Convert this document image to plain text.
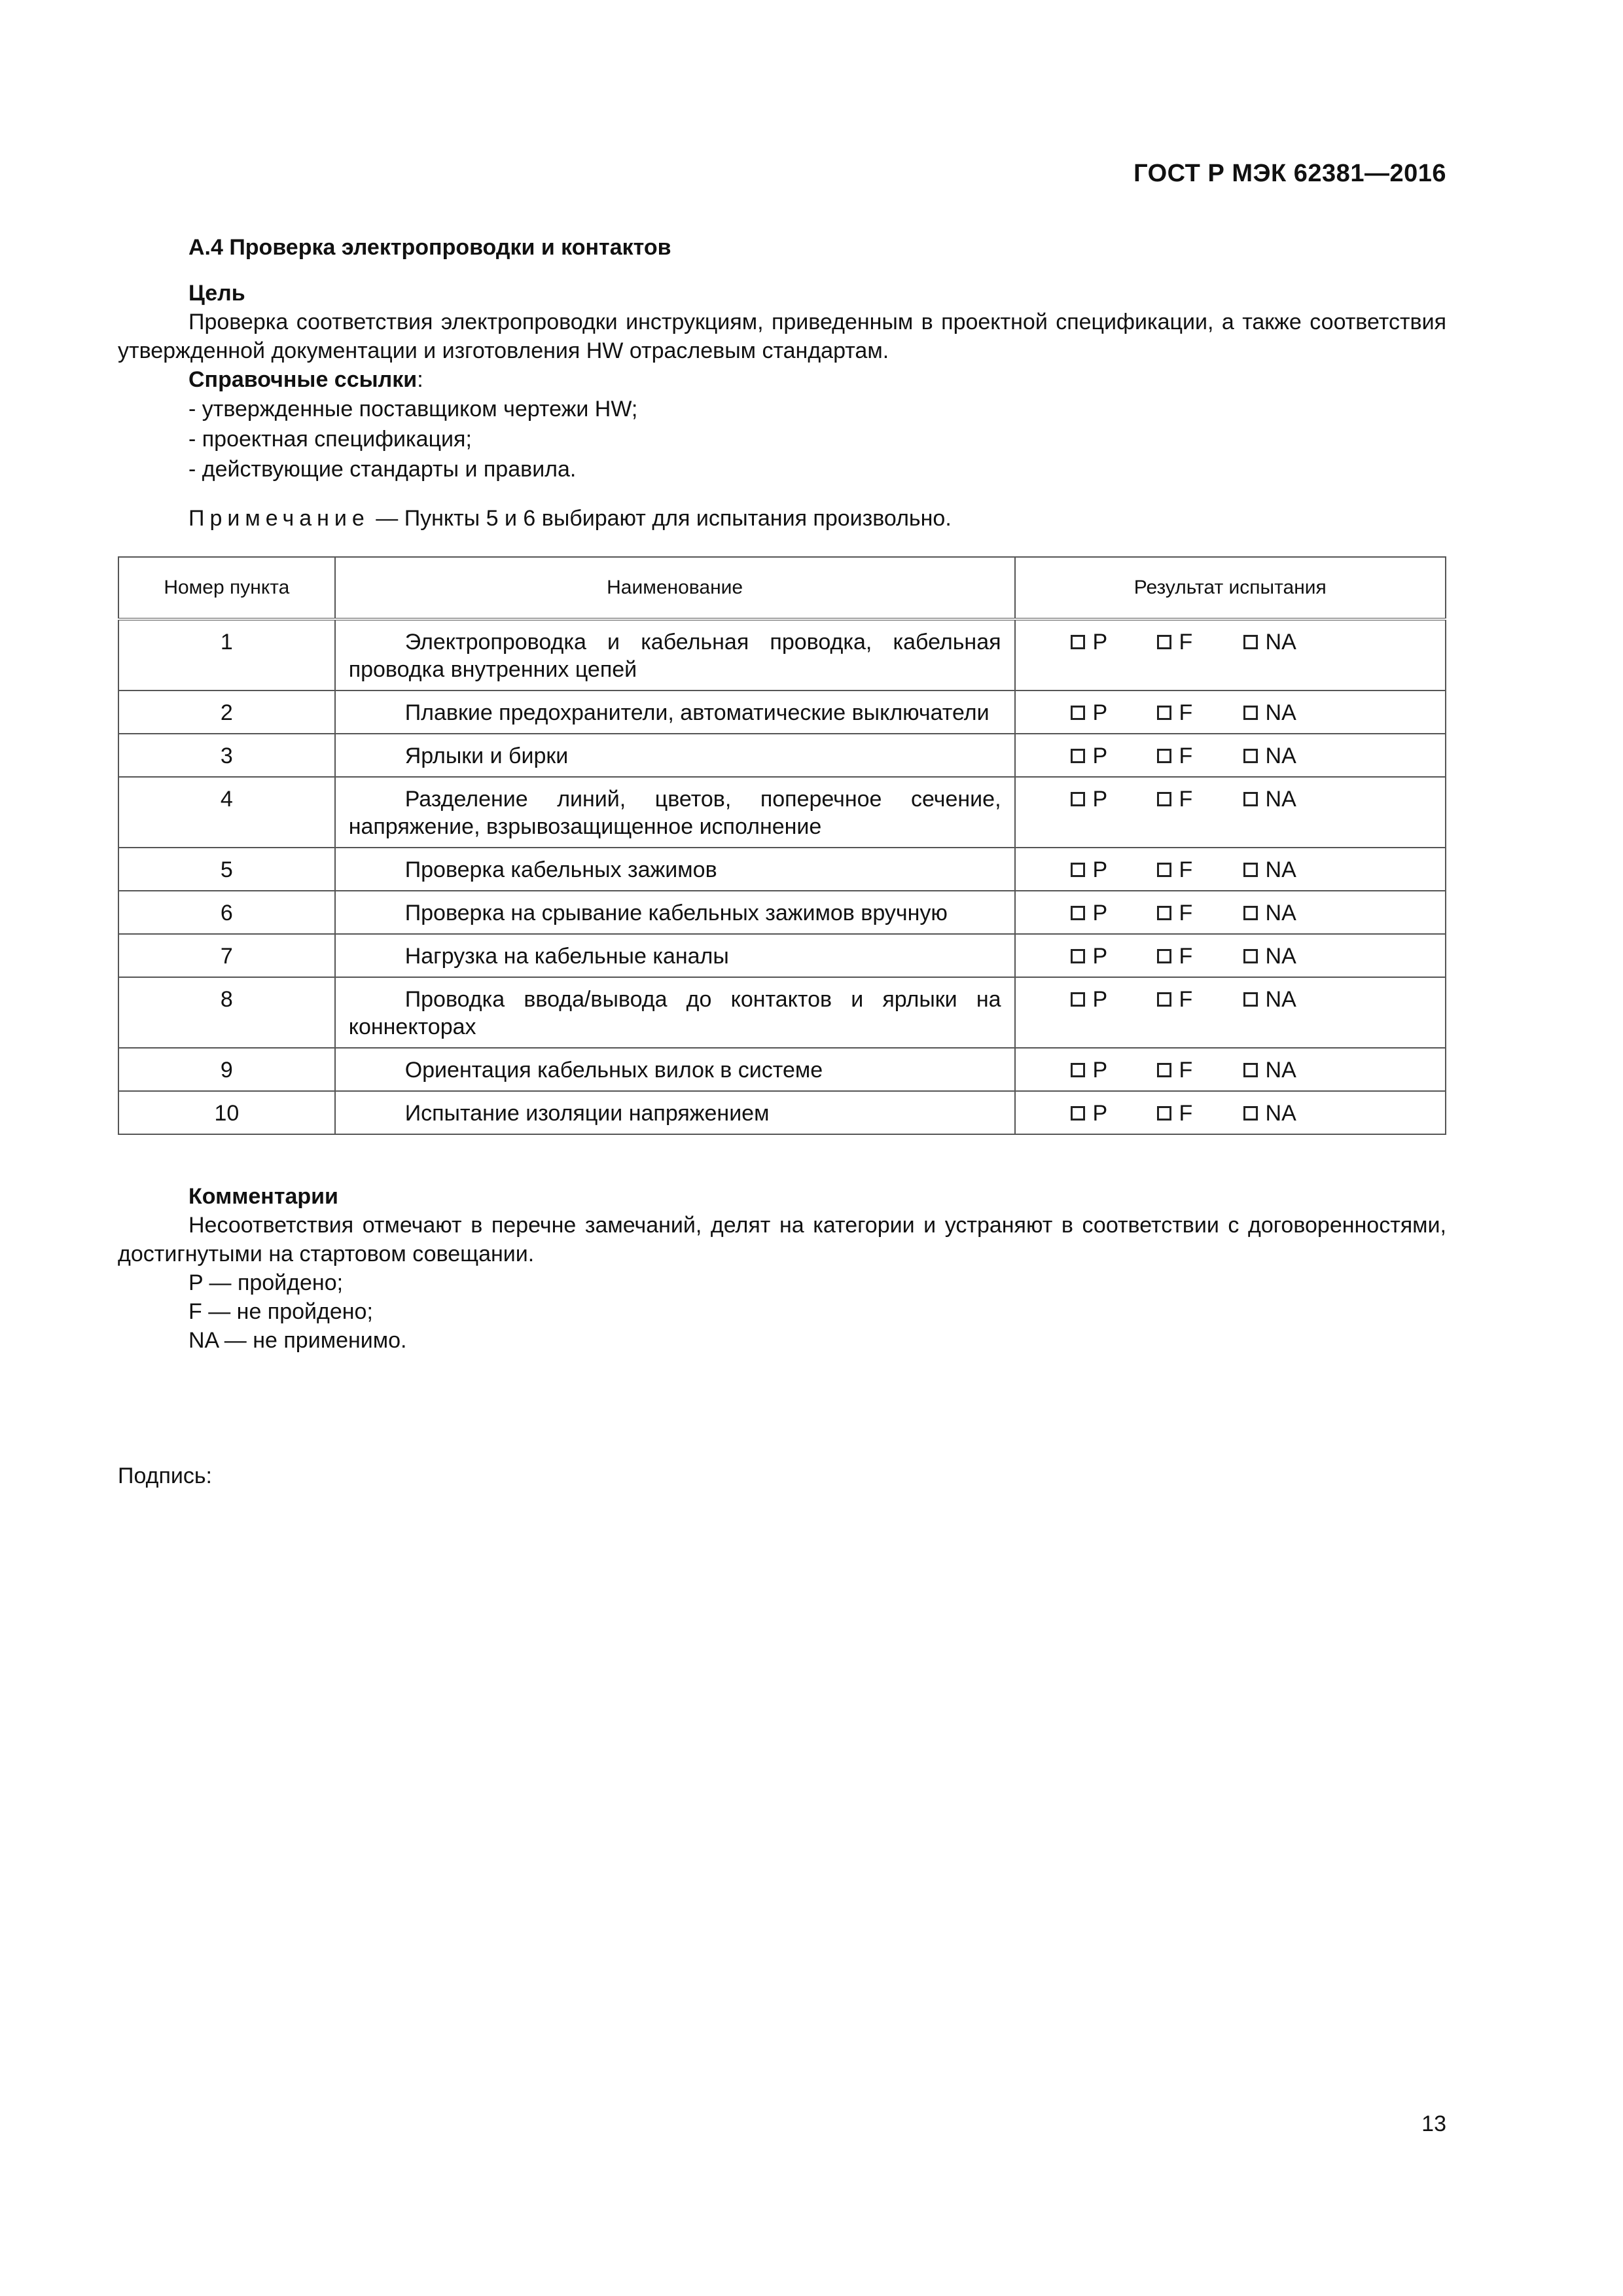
ГОСТ Р МЭК 62381—2016

А.4 Проверка электропроводки и контактов

Цель

Проверка соответствия электропроводки инструкциям, приведенным в проектной спецификации, а также соответствия утвержденной документации и изготовления HW отраслевым стандартам.

Справочные ссылки:

- утвержденные поставщиком чертежи HW;

- проектная спецификация;

- действующие стандарты и правила.

Примечание — Пункты 5 и 6 выбирают для испытания произвольно.

Номер пункта	Наименование	Результат испытания
1	Электропроводка и кабельная проводка, кабельная проводка внутренних цепей	P F NA

2	Плавкие предохранители, автоматические выключатели	P F NA

3	Ярлыки и бирки	P F NA

4	Разделение линий, цветов, поперечное сечение, напряжение, взрывозащищенное исполнение	P F NA

5	Проверка кабельных зажимов	P F NA

6	Проверка на срывание кабельных зажимов вручную	P F NA

7	Нагрузка на кабельные каналы	P F NA

8	Проводка ввода/вывода до контактов и ярлыки на коннекторах	P F NA

9	Ориентация кабельных вилок в системе	P F NA

10	Испытание изоляции напряжением	P F NA

Комментарии

Несоответствия отмечают в перечне замечаний, делят на категории и устраняют в соответствии с договоренностями, достигнутыми на стартовом совещании.

P — пройдено;

F — не пройдено;

NA — не применимо.

Подпись:
13
